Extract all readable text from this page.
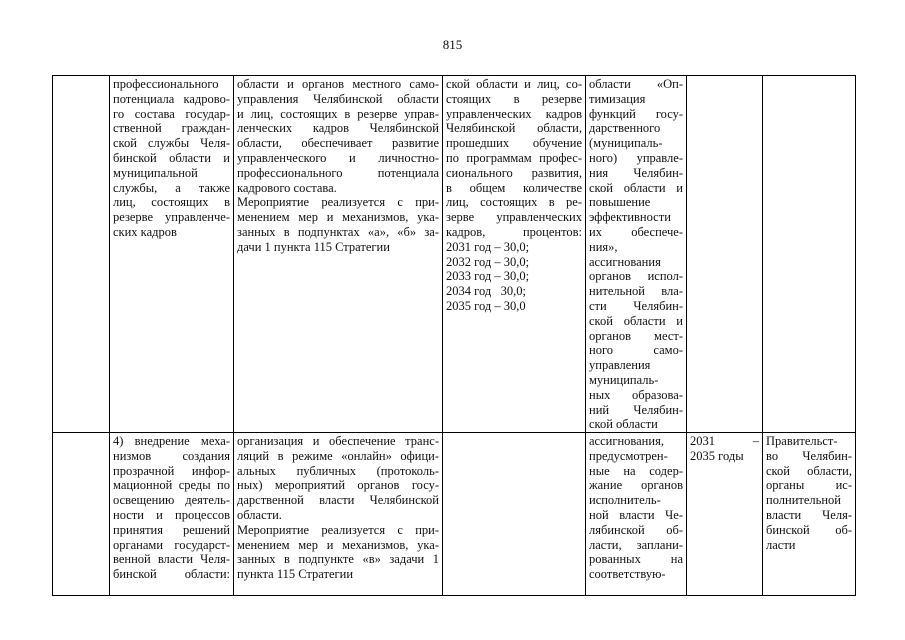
815
профессионального
потенциала кадрово-
го состава государ-
ственной граждан-
ской службы Челя-
бинской области и
муниципальной
службы, а также
лиц, состоящих в
резерве управленче-
ских кадров
области и органов местного само-
управления Челябинской области
и лиц, состоящих в резерве управ-
ленческих кадров Челябинской
области, обеспечивает развитие
управленческого и личностно-
профессионального потенциала
кадрового состава.
Мероприятие реализуется с при-
менением мер и механизмов, ука-
занных в подпунктах «а», «б» за-
дачи 1 пункта 115 Стратегии
ской области и лиц, со-
стоящих в резерве
управленческих кадров
Челябинской области,
прошедших обучение
по программам профес-
сионального развития,
в общем количестве
лиц, состоящих в ре-
зерве управленческих
кадров, процентов:
2031 год – 30,0;
2032 год – 30,0;
2033 год – 30,0;
2034 год   30,0;
2035 год – 30,0
области «Оп-
тимизация
функций госу-
дарственного
(муниципаль-
ного) управле-
ния Челябин-
ской области и
повышение
эффективности
их обеспече-
ния»,
ассигнования
органов испол-
нительной вла-
сти Челябин-
ской области и
органов мест-
ного само-
управления
муниципаль-
ных образова-
ний Челябин-
ской области
4) внедрение меха-
низмов создания
прозрачной инфор-
мационной среды по
освещению деятель-
ности и процессов
принятия решений
органами государст-
венной власти Челя-
бинской области:
организация и обеспечение транс-
ляций в режиме «онлайн» офици-
альных публичных (протоколь-
ных) мероприятий органов госу-
дарственной власти Челябинской
области.
Мероприятие реализуется с при-
менением мер и механизмов, ука-
занных в подпункте «в» задачи 1
пункта 115 Стратегии
ассигнования,
предусмотрен-
ные на содер-
жание органов
исполнитель-
ной власти Че-
лябинской об-
ласти, заплани-
рованных на
соответствую-
2031 –
2035 годы
Правительст-
во Челябин-
ской области,
органы ис-
полнительной
власти Челя-
бинской об-
ласти
